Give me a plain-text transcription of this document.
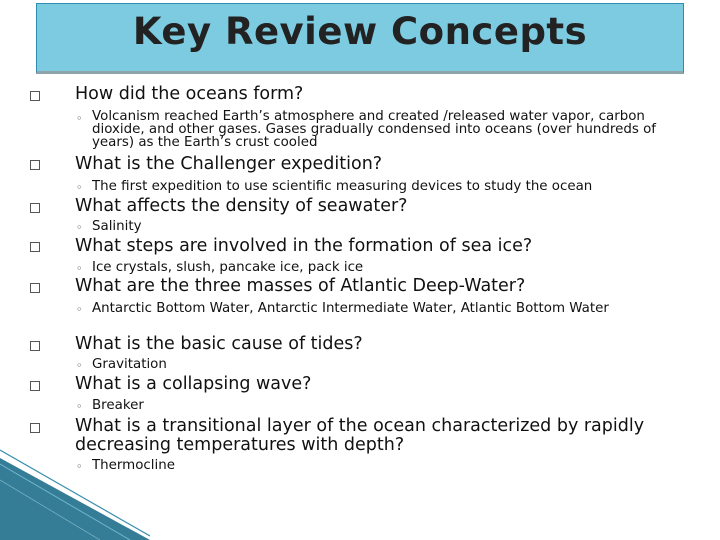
Key Review Concepts
How did the oceans form?
◦ Volcanism reached Earth’s atmosphere and created /released water vapor, carbon dioxide, and other gases. Gases gradually condensed into oceans (over hundreds of years) as the Earth’s crust cooled
What is the Challenger expedition?
◦ The first expedition to use scientific measuring devices to study the ocean
What affects the density of seawater?
◦ Salinity
What steps are involved in the formation of sea ice?
◦ Ice crystals, slush, pancake ice, pack ice
What are the three masses of Atlantic Deep-Water?
◦ Antarctic Bottom Water, Antarctic Intermediate Water, Atlantic Bottom Water
What is the basic cause of tides?
◦ Gravitation
What is a collapsing wave?
◦ Breaker
What is a transitional layer of the ocean characterized by rapidly decreasing temperatures with depth?
◦ Thermocline
